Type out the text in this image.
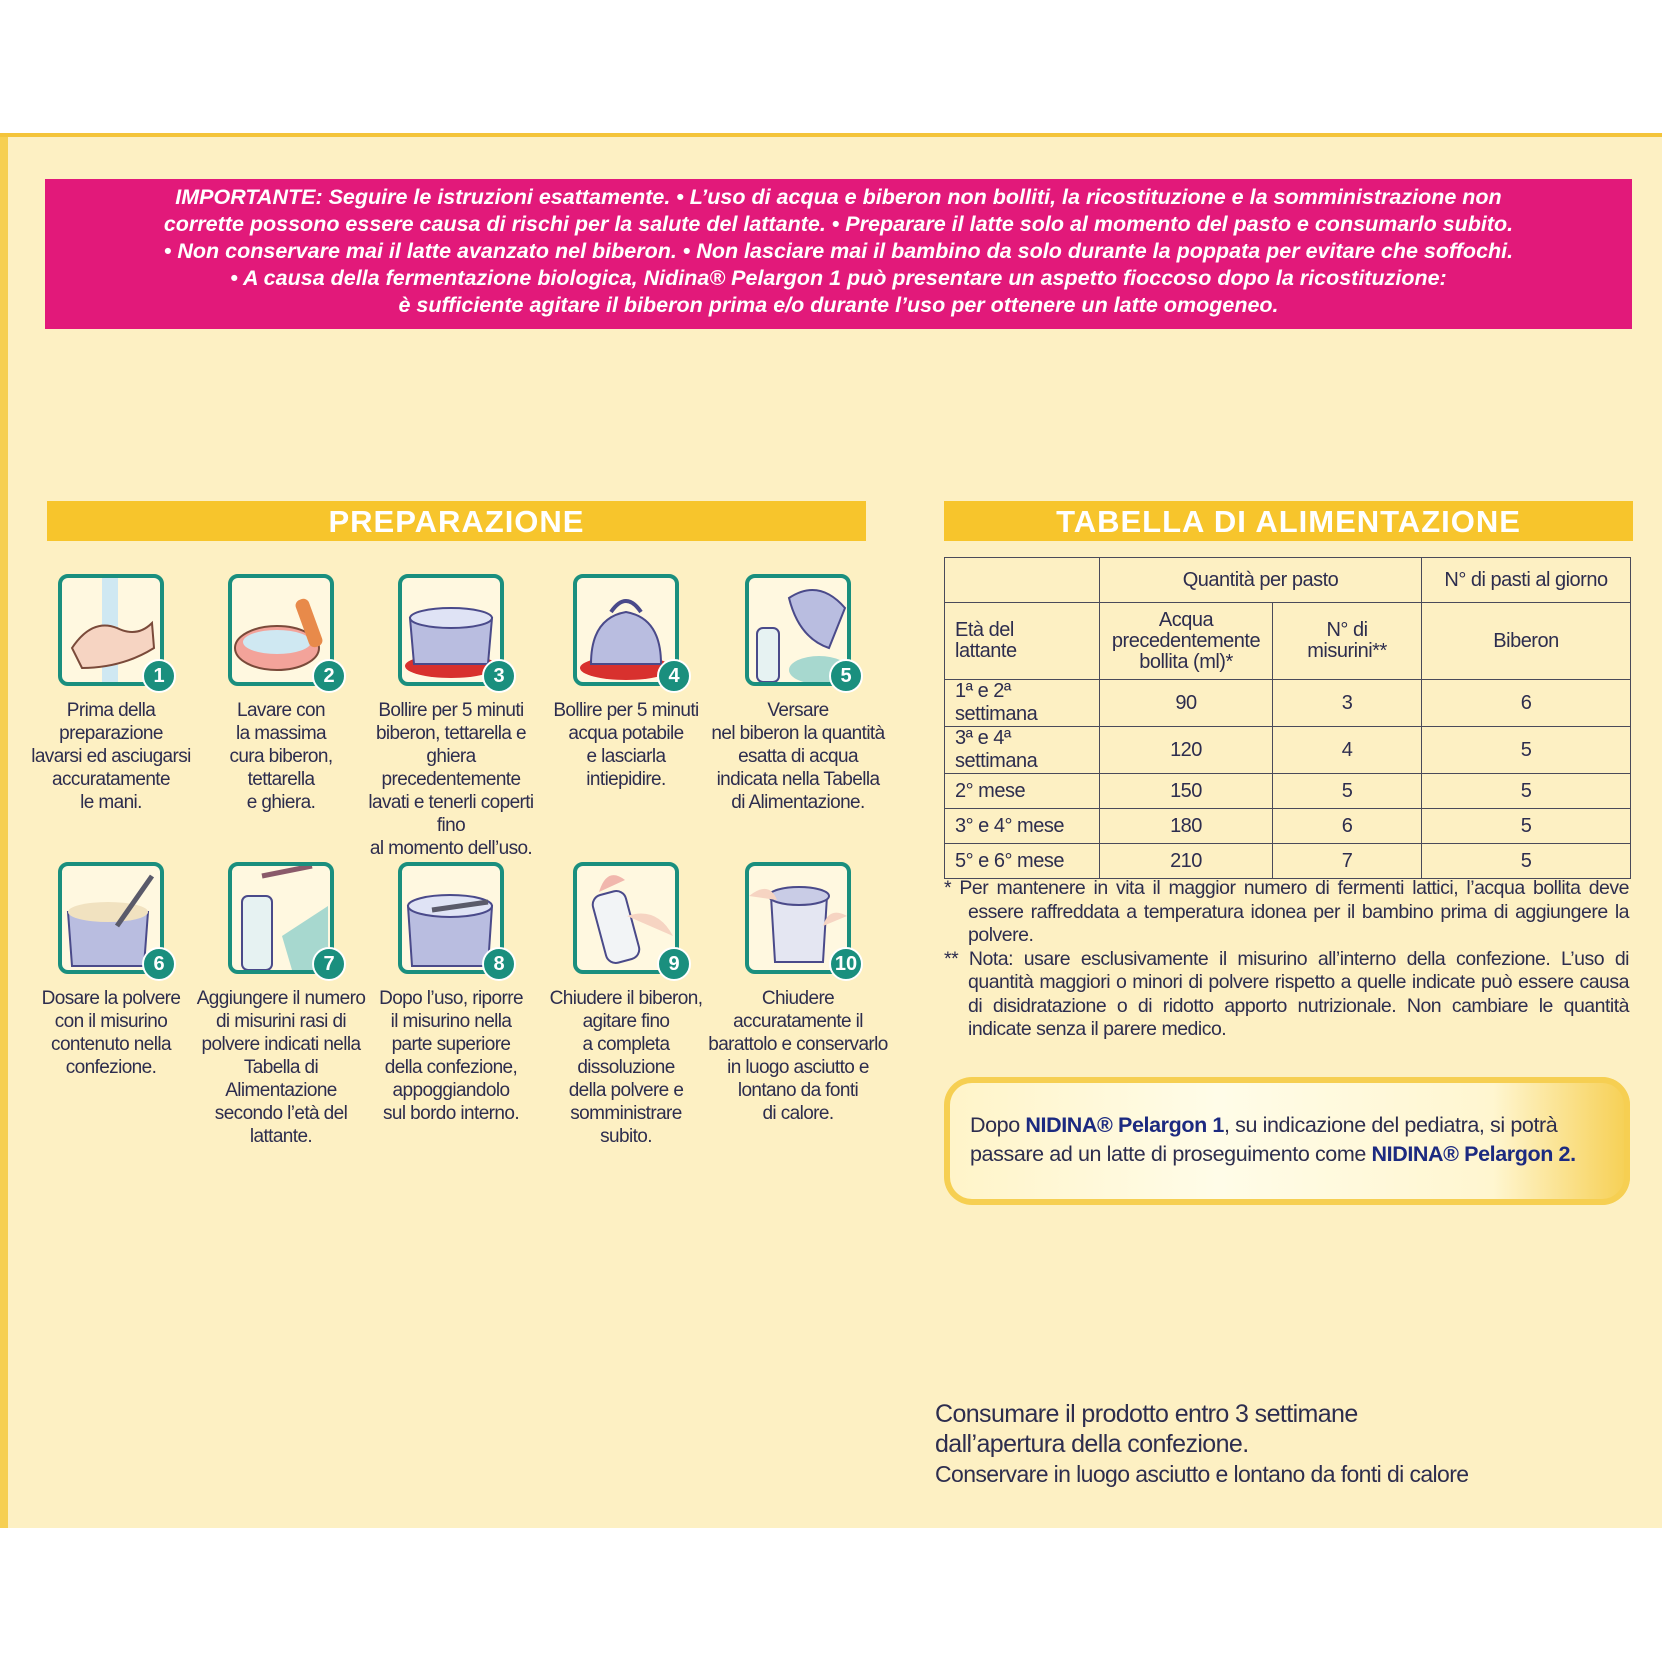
IMPORTANTE: Seguire le istruzioni esattamente. • L’uso di acqua e biberon non bolliti, la ricostituzione e la somministrazione non
corrette possono essere causa di rischi per la salute del lattante. • Preparare il latte solo al momento del pasto e consumarlo subito.
• Non conservare mai il latte avanzato nel biberon. • Non lasciare mai il bambino da solo durante la poppata per evitare che soffochi.
• A causa della fermentazione biologica, Nidina® Pelargon 1 può presentare un aspetto fioccoso dopo la ricostituzione:
è sufficiente agitare il biberon prima e/o durante l’uso per ottenere un latte omogeneo.
PREPARAZIONE	TABELLA DI ALIMENTAZIONE
1
Prima della
preparazione
lavarsi ed asciugarsi
accuratamente
le mani.
2
Lavare con
la massima
cura biberon,
tettarella
e ghiera.
3
Bollire per 5 minuti
biberon, tettarella e
ghiera precedentemente
lavati e tenerli coperti fino
al momento dell’uso.
4
Bollire per 5 minuti
acqua potabile
e lasciarla
intiepidire.
5
Versare
nel biberon la quantità
esatta di acqua
indicata nella Tabella
di Alimentazione.
6
Dosare la polvere
con il misurino
contenuto nella
confezione.
7
Aggiungere il numero
di misurini rasi di
polvere indicati nella
Tabella di Alimentazione
secondo l’età del
lattante.
8
Dopo l’uso, riporre
il misurino nella
parte superiore
della confezione,
appoggiandolo
sul bordo interno.
9
Chiudere il biberon,
agitare fino
a completa
dissoluzione
della polvere e
somministrare
subito.
10
Chiudere
accuratamente il
barattolo e conservarlo
in luogo asciutto e
lontano da fonti
di calore.
	Quantità per pasto		N° di pasti al giorno
Età del
lattante	Acqua
precedentemente
bollita (ml)*	N° di
misurini**	Biberon
1ª e 2ª settimana	90	3	6
3ª e 4ª settimana	120	4	5
2° mese	150	5	5
3° e 4° mese	180	6	5
5° e 6° mese	210	7	5

* Per mantenere in vita il maggior numero di fermenti lattici, l’acqua bollita deve essere raffreddata a temperatura idonea per il bambino prima di aggiungere la polvere.

** Nota: usare esclusivamente il misurino all’interno della confezione. L’uso di quantità maggiori o minori di polvere rispetto a quelle indicate può essere causa di disidratazione o di ridotto apporto nutrizionale. Non cambiare le quantità indicate senza il parere medico.

Dopo NIDINA® Pelargon 1, su indicazione del pediatra, si potrà
passare ad un latte di proseguimento come NIDINA® Pelargon 2.
Consumare il prodotto entro 3 settimane
dall’apertura della confezione.
Conservare in luogo asciutto e lontano da fonti di calore
